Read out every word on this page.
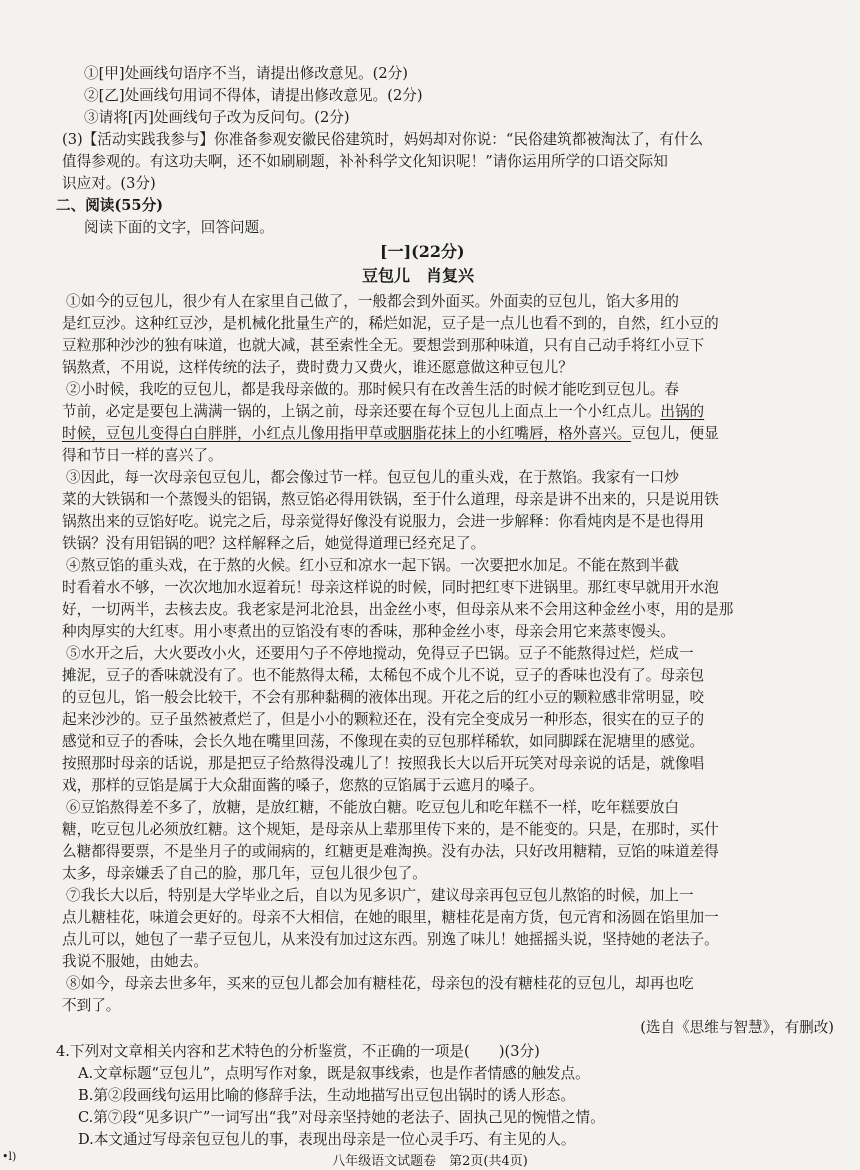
①[甲]处画线句语序不当，请提出修改意见。(2分)
②[乙]处画线句用词不得体，请提出修改意见。(2分)
③请将[丙]处画线句子改为反问句。(2分)
(3)【活动实践我参与】你准备参观安徽民俗建筑时，妈妈却对你说：“民俗建筑都被淘汰了，有什么
值得参观的。有这功夫啊，还不如刷刷题，补补科学文化知识呢！”请你运用所学的口语交际知
识应对。(3分)
二、阅读(55分)
阅读下面的文字，回答问题。
[一](22分)
豆包儿　肖复兴
①如今的豆包儿，很少有人在家里自己做了，一般都会到外面买。外面卖的豆包儿，馅大多用的
是红豆沙。这种红豆沙，是机械化批量生产的，稀烂如泥，豆子是一点儿也看不到的，自然，红小豆的
豆粒那种沙沙的独有味道，也就大减，甚至索性全无。要想尝到那种味道，只有自己动手将红小豆下
锅熬煮，不用说，这样传统的法子，费时费力又费火，谁还愿意做这种豆包儿？
②小时候，我吃的豆包儿，都是我母亲做的。那时候只有在改善生活的时候才能吃到豆包儿。春
节前，必定是要包上满满一锅的，上锅之前，母亲还要在每个豆包儿上面点上一个小红点儿。出锅的
时候，豆包儿变得白白胖胖，小红点儿像用指甲草或胭脂花抹上的小红嘴唇，格外喜兴。豆包儿，便显
得和节日一样的喜兴了。
③因此，每一次母亲包豆包儿，都会像过节一样。包豆包儿的重头戏，在于熬馅。我家有一口炒
菜的大铁锅和一个蒸馒头的铝锅，熬豆馅必得用铁锅，至于什么道理，母亲是讲不出来的，只是说用铁
锅熬出来的豆馅好吃。说完之后，母亲觉得好像没有说服力，会进一步解释：你看炖肉是不是也得用
铁锅？没有用铝锅的吧？这样解释之后，她觉得道理已经充足了。
④熬豆馅的重头戏，在于熬的火候。红小豆和凉水一起下锅。一次要把水加足。不能在熬到半截
时看着水不够，一次次地加水逗着玩！母亲这样说的时候，同时把红枣下进锅里。那红枣早就用开水泡
好，一切两半，去核去皮。我老家是河北沧县，出金丝小枣，但母亲从来不会用这种金丝小枣，用的是那
种肉厚实的大红枣。用小枣煮出的豆馅没有枣的香味，那种金丝小枣，母亲会用它来蒸枣馒头。
⑤水开之后，大火要改小火，还要用勺子不停地搅动，免得豆子巴锅。豆子不能熬得过烂，烂成一
摊泥，豆子的香味就没有了。也不能熬得太稀，太稀包不成个儿不说，豆子的香味也没有了。母亲包
的豆包儿，馅一般会比较干，不会有那种黏稠的液体出现。开花之后的红小豆的颗粒感非常明显，咬
起来沙沙的。豆子虽然被煮烂了，但是小小的颗粒还在，没有完全变成另一种形态，很实在的豆子的
感觉和豆子的香味，会长久地在嘴里回荡，不像现在卖的豆包那样稀软，如同脚踩在泥塘里的感觉。
按照那时母亲的话说，那是把豆子给熬得没魂儿了！按照我长大以后开玩笑对母亲说的话是，就像唱
戏，那样的豆馅是属于大众甜面酱的嗓子，您熬的豆馅属于云遮月的嗓子。
⑥豆馅熬得差不多了，放糖，是放红糖，不能放白糖。吃豆包儿和吃年糕不一样，吃年糕要放白
糖，吃豆包儿必须放红糖。这个规矩，是母亲从上辈那里传下来的，是不能变的。只是，在那时，买什
么糖都得要票，不是坐月子的或闹病的，红糖更是难淘换。没有办法，只好改用糖精，豆馅的味道差得
太多，母亲嫌丢了自己的脸，那几年，豆包儿很少包了。
⑦我长大以后，特别是大学毕业之后，自以为见多识广，建议母亲再包豆包儿熬馅的时候，加上一
点儿糖桂花，味道会更好的。母亲不大相信，在她的眼里，糖桂花是南方货，包元宵和汤圆在馅里加一
点儿可以，她包了一辈子豆包儿，从来没有加过这东西。别逸了味儿！她摇摇头说，坚持她的老法子。
我说不服她，由她去。
⑧如今，母亲去世多年，买来的豆包儿都会加有糖桂花，母亲包的没有糖桂花的豆包儿，却再也吃
不到了。
(选自《思维与智慧》，有删改)
4.下列对文章相关内容和艺术特色的分析鉴赏，不正确的一项是(　　)(3分)
A.文章标题“豆包儿”，点明写作对象，既是叙事线索，也是作者情感的触发点。
B.第②段画线句运用比喻的修辞手法，生动地描写出豆包出锅时的诱人形态。
C.第⑦段“见多识广”一词写出“我”对母亲坚持她的老法子、固执己见的惋惜之情。
D.本文通过写母亲包豆包儿的事，表现出母亲是一位心灵手巧、有主见的人。
八年级语文试题卷　第2页(共4页)
•l)
